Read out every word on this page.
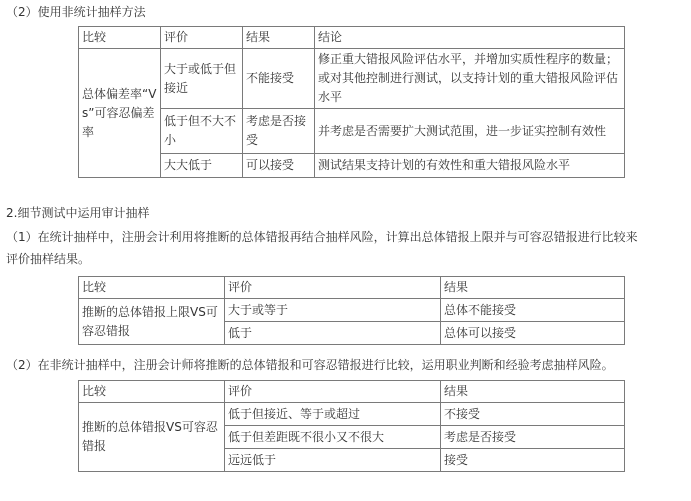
（2）使用非统计抽样方法
比较	评价	结果	结论
总体偏差率“Vs”可容忍偏差率	大于或低于但接近	不能接受	修正重大错报风险评估水平，并增加实质性程序的数量；或对其他控制进行测试，以支持计划的重大错报风险评估水平
	低于但不大不小	考虑是否接受	并考虑是否需要扩大测试范围，进一步证实控制有效性
	大大低于	可以接受	测试结果支持计划的有效性和重大错报风险水平
2.细节测试中运用审计抽样
（1）在统计抽样中，注册会计利用将推断的总体错报再结合抽样风险，计算出总体错报上限并与可容忍错报进行比较来
评价抽样结果。
比较	评价	结果
推断的总体错报上限VS可容忍错报	大于或等于	总体不能接受
	低于	总体可以接受
（2）在非统计抽样中，注册会计师将推断的总体错报和可容忍错报进行比较，运用职业判断和经验考虑抽样风险。
比较	评价	结果
推断的总体错报VS可容忍错报	低于但接近、等于或超过	不接受
	低于但差距既不很小又不很大	考虑是否接受
	远远低于	接受
